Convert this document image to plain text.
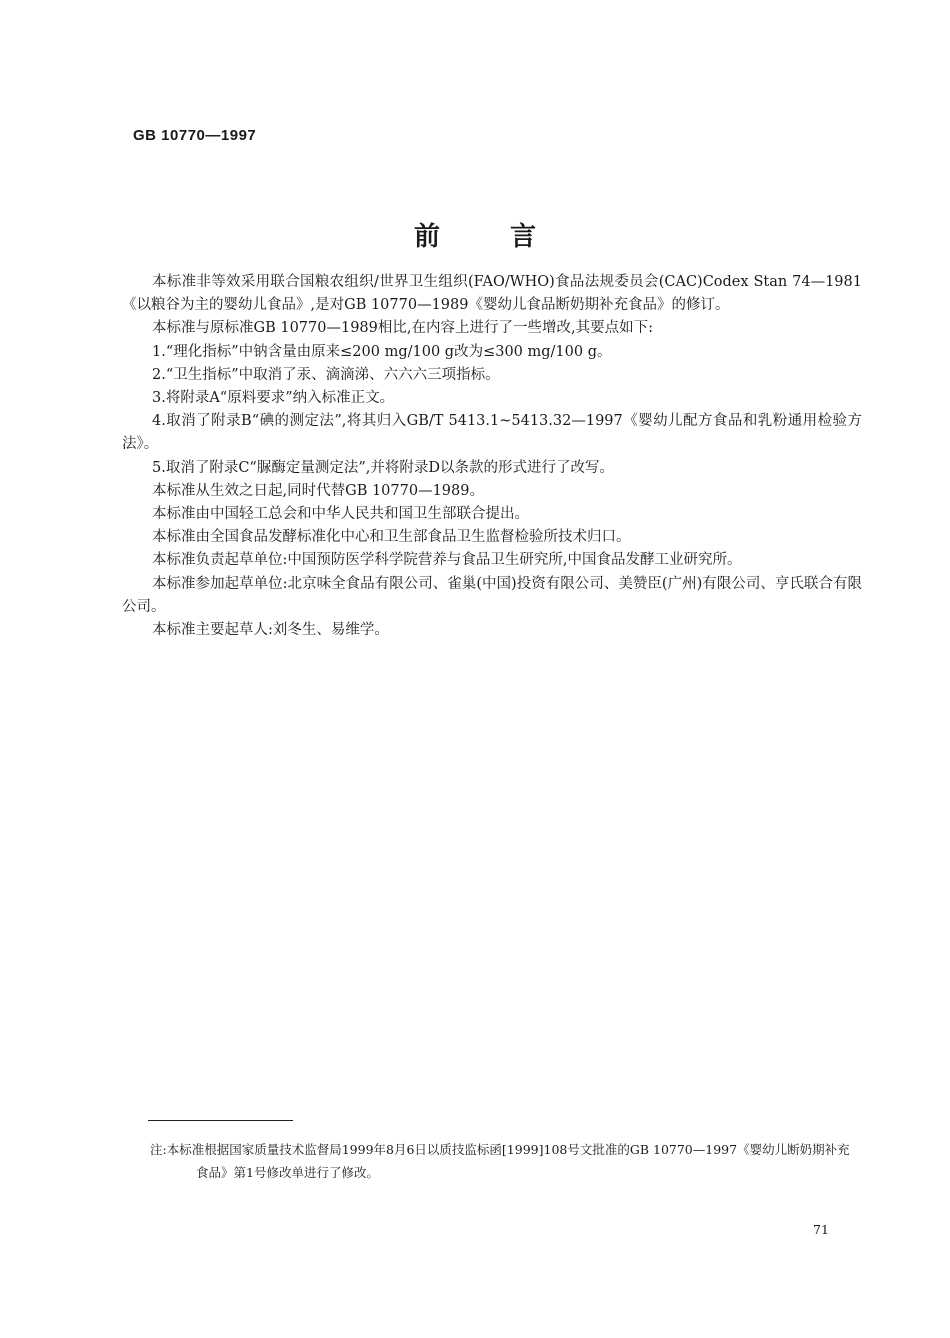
GB 10770—1997
前言

本标准非等效采用联合国粮农组织/世界卫生组织(FAO/WHO)食品法规委员会(CAC)Codex Stan 74—1981《以粮谷为主的婴幼儿食品》,是对GB 10770—1989《婴幼儿食品断奶期补充食品》的修订。

本标准与原标准GB 10770—1989相比,在内容上进行了一些增改,其要点如下:

1.“理化指标”中钠含量由原来≤200 mg/100 g改为≤300 mg/100 g。

2.“卫生指标”中取消了汞、滴滴涕、六六六三项指标。

3.将附录A“原料要求”纳入标准正文。

4.取消了附录B“碘的测定法”,将其归入GB/T 5413.1~5413.32—1997《婴幼儿配方食品和乳粉通用检验方法》。

5.取消了附录C“脲酶定量测定法”,并将附录D以条款的形式进行了改写。

本标准从生效之日起,同时代替GB 10770—1989。

本标准由中国轻工总会和中华人民共和国卫生部联合提出。

本标准由全国食品发酵标准化中心和卫生部食品卫生监督检验所技术归口。

本标准负责起草单位:中国预防医学科学院营养与食品卫生研究所,中国食品发酵工业研究所。

本标准参加起草单位:北京味全食品有限公司、雀巢(中国)投资有限公司、美赞臣(广州)有限公司、亨氏联合有限公司。

本标准主要起草人:刘冬生、易维学。

注:本标准根据国家质量技术监督局1999年8月6日以质技监标函[1999]108号文批准的GB 10770—1997《婴幼儿断奶期补充食品》第1号修改单进行了修改。

71
